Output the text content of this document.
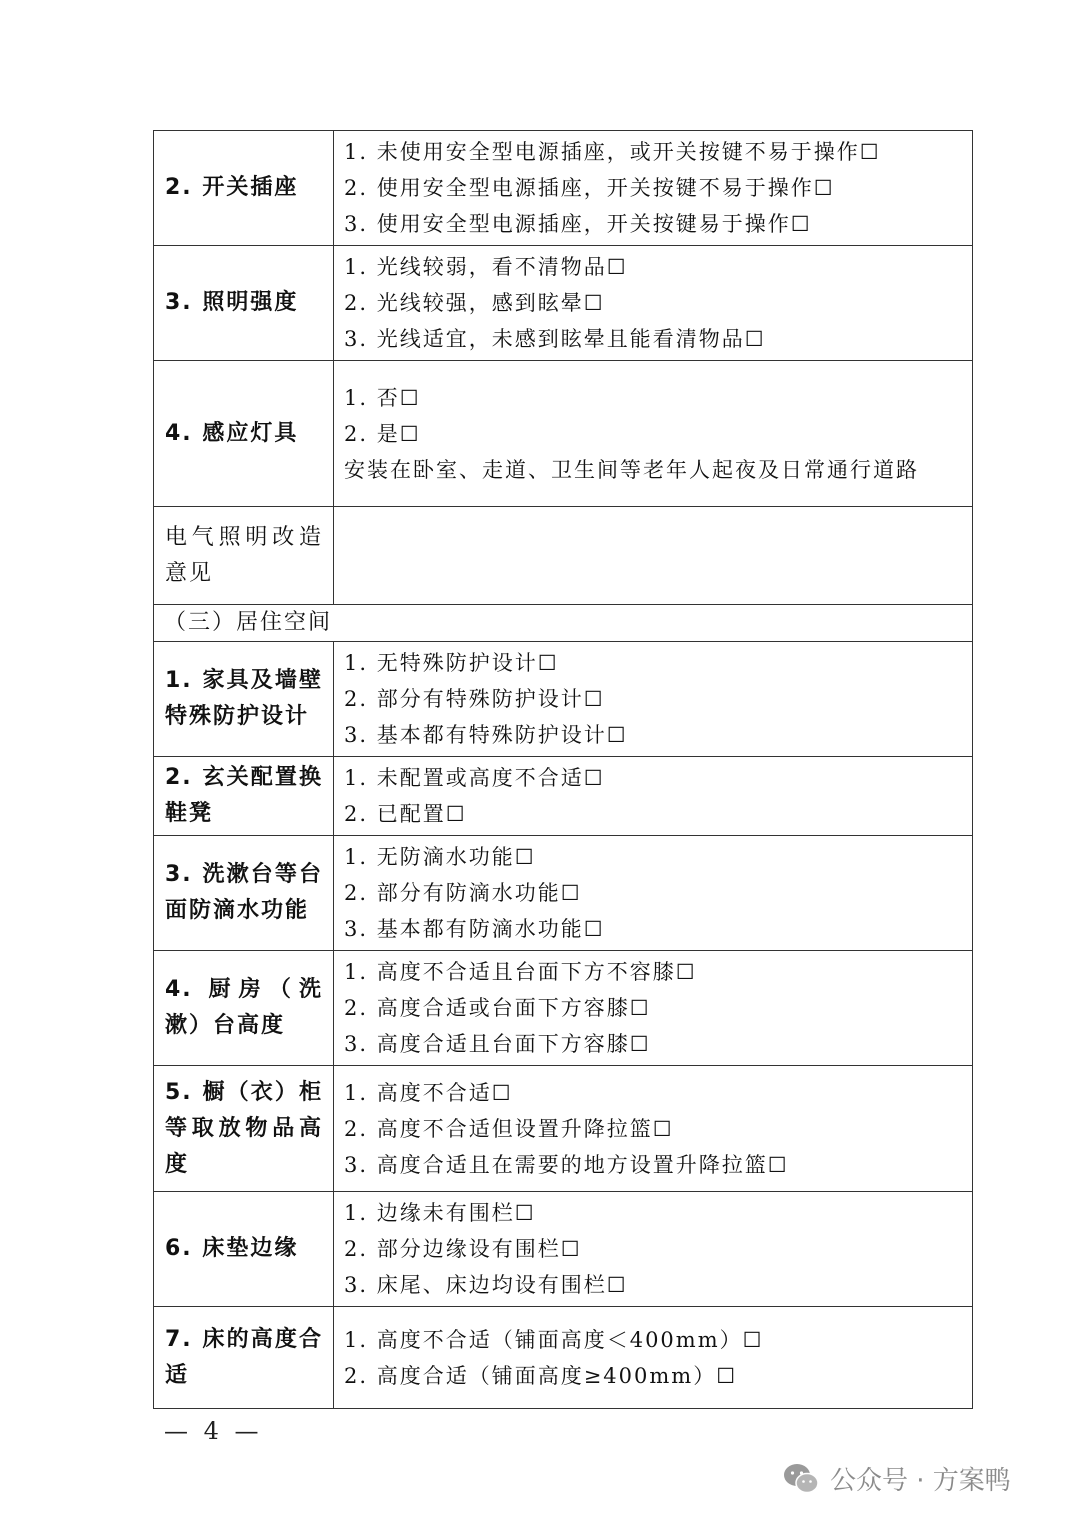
2. 开关插座	1. 未使用安全型电源插座，或开关按键不易于操作☐
2. 使用安全型电源插座，开关按键不易于操作☐
3. 使用安全型电源插座，开关按键易于操作☐

3. 照明强度	1. 光线较弱，看不清物品☐
2. 光线较强，感到眩晕☐
3. 光线适宜，未感到眩晕且能看清物品☐

4. 感应灯具	1. 否☐
2. 是☐
安装在卧室、走道、卫生间等老年人起夜及日常通行道路

电气照明改造意见	
（三）居住空间	
1. 家具及墙壁特殊防护设计	1. 无特殊防护设计☐
2. 部分有特殊防护设计☐
3. 基本都有特殊防护设计☐

2. 玄关配置换鞋凳	1. 未配置或高度不合适☐
2. 已配置☐

3. 洗漱台等台面防滴水功能	1. 无防滴水功能☐
2. 部分有防滴水功能☐
3. 基本都有防滴水功能☐

4. 厨房（洗漱）台高度	1. 高度不合适且台面下方不容膝☐
2. 高度合适或台面下方容膝☐
3. 高度合适且台面下方容膝☐

5. 橱（衣）柜等取放物品高度	1. 高度不合适☐
2. 高度不合适但设置升降拉篮☐
3. 高度合适且在需要的地方设置升降拉篮☐

6. 床垫边缘	1. 边缘未有围栏☐
2. 部分边缘设有围栏☐
3. 床尾、床边均设有围栏☐

7. 床的高度合适	1. 高度不合适（铺面高度＜400mm）☐
2. 高度合适（铺面高度≥400mm）☐
— 4 —
公众号 · 方案鸭
